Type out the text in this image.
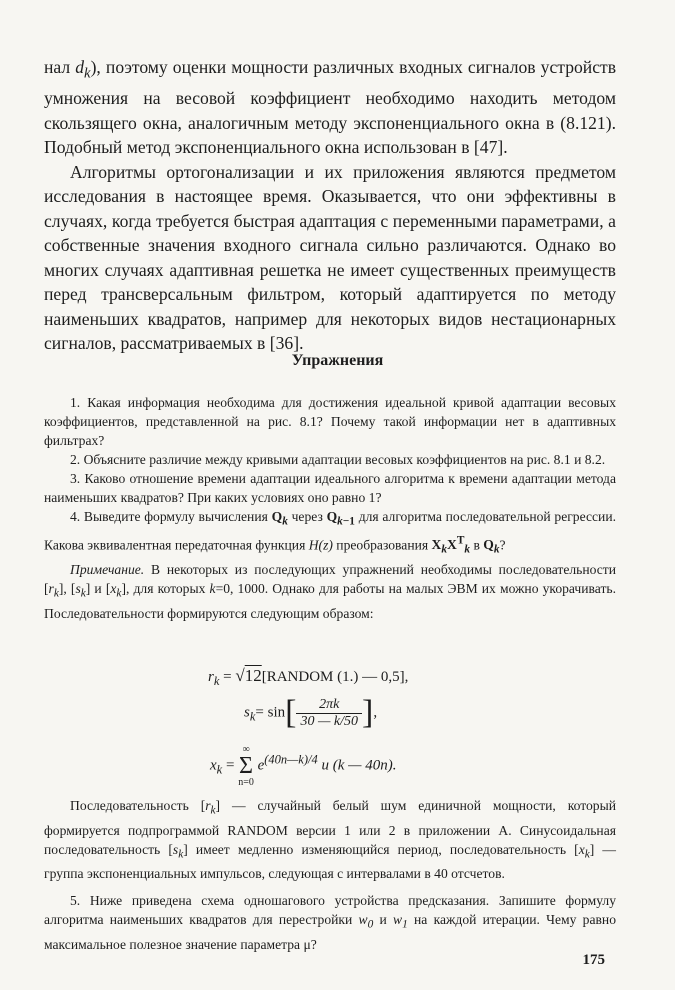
нал $d_k$), поэтому оценки мощности различных входных сигналов устройств умножения на весовой коэффициент необходимо находить методом скользящего окна, аналогичным методу экспоненциального окна в (8.121). Подобный метод экспоненциального окна использован в [47].

Алгоритмы ортогонализации и их приложения являются предметом исследования в настоящее время. Оказывается, что они эффективны в случаях, когда требуется быстрая адаптация с переменными параметрами, а собственные значения входного сигнала сильно различаются. Однако во многих случаях адаптивная решетка не имеет существенных преимуществ перед трансверсальным фильтром, который адаптируется по методу наименьших квадратов, например для некоторых видов нестационарных сигналов, рассматриваемых в [36].

Упражнения

1. Какая информация необходима для достижения идеальной кривой адаптации весовых коэффициентов, представленной на рис. 8.1? Почему такой информации нет в адаптивных фильтрах?

2. Объясните различие между кривыми адаптации весовых коэффициентов на рис. 8.1 и 8.2.

3. Каково отношение времени адаптации идеального алгоритма к времени адаптации метода наименьших квадратов? При каких условиях оно равно 1?

4. Выведите формулу вычисления $Q_k$ через $Q_{k-1}$ для алгоритма последовательной регрессии. Какова эквивалентная передаточная функция H(z) преобразования $X_kX^T_k$ в $Q_k$?

Примечание. В некоторых из последующих упражнений необходимы последовательности $[r_k]$, $[s_k]$ и $[x_k]$, для которых k=0, 1000. Однако для работы на малых ЭВМ их можно укорачивать. Последовательности формируются следующим образом:

$r_k$ = √12[RANDOM (1.) — 0,5],
$s_k= \sin[ \frac{2\pi k}{30 — k/50}$ ],
$x_k$ =
∞
Σ
n=0
$e^{(40n—k)/4}$ u (k — 40n).

Последовательность $[r_k]$ — случайный белый шум единичной мощности, который формируется подпрограммой RANDOM версии 1 или 2 в приложении А. Синусоидальная последовательность $[s_k]$ имеет медленно изменяющийся период, последовательность $[x_k]$ — группа экспоненциальных импульсов, следующая с интервалами в 40 отсчетов.

5. Ниже приведена схема одношагового устройства предсказания. Запишите формулу алгоритма наименьших квадратов для перестройки $w_0$ и $w_1$ на каждой итерации. Чему равно максимальное полезное значение параметра μ?

175
